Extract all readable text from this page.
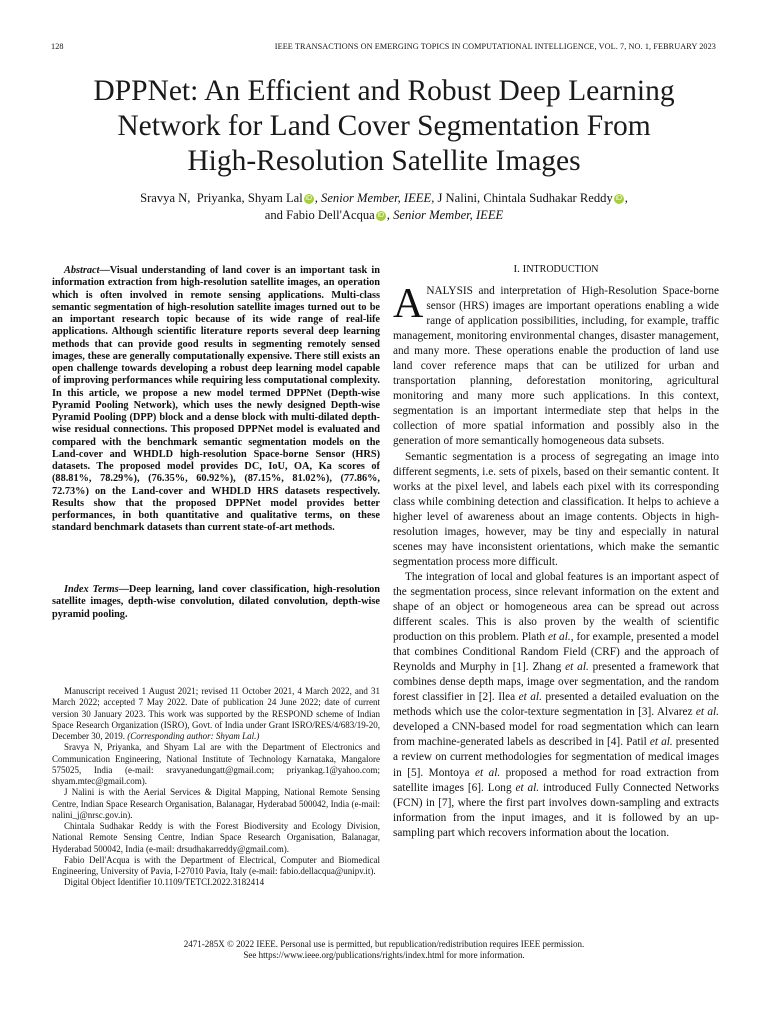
128	IEEE TRANSACTIONS ON EMERGING TOPICS IN COMPUTATIONAL INTELLIGENCE, VOL. 7, NO. 1, FEBRUARY 2023
DPPNet: An Efficient and Robust Deep Learning
Network for Land Cover Segmentation From
High-Resolution Satellite Images
Sravya N, Priyanka, Shyam Lal iD , Senior Member, IEEE, J Nalini, Chintala Sudhakar Reddy iD ,
and Fabio Dell'Acqua iD , Senior Member, IEEE
Abstract—Visual understanding of land cover is an important task in information extraction from high-resolution satellite images, an operation which is often involved in remote sensing applications. Multi-class semantic segmentation of high-resolution satellite images turned out to be an important research topic because of its wide range of real-life applications. Although scientific literature reports several deep learning methods that can provide good results in segmenting remotely sensed images, these are generally computationally expensive. There still exists an open challenge towards developing a robust deep learning model capable of improving performances while requiring less computational complexity. In this article, we propose a new model termed DPPNet (Depth-wise Pyramid Pooling Network), which uses the newly designed Depth-wise Pyramid Pooling (DPP) block and a dense block with multi-dilated depth-wise residual connections. This proposed DPPNet model is evaluated and compared with the benchmark semantic segmentation models on the Land-cover and WHDLD high-resolution Space-borne Sensor (HRS) datasets. The proposed model provides DC, IoU, OA, Ka scores of (88.81%, 78.29%), (76.35%, 60.92%), (87.15%, 81.02%), (77.86%, 72.73%) on the Land-cover and WHDLD HRS datasets respectively. Results show that the proposed DPPNet model provides better performances, in both quantitative and qualitative terms, on these standard benchmark datasets than current state-of-art methods.
Index Terms—Deep learning, land cover classification, high-resolution satellite images, depth-wise convolution, dilated convolution, depth-wise pyramid pooling.

Manuscript received 1 August 2021; revised 11 October 2021, 4 March 2022, and 31 March 2022; accepted 7 May 2022. Date of publication 24 June 2022; date of current version 30 January 2023. This work was supported by the RESPOND scheme of Indian Space Research Organization (ISRO), Govt. of India under Grant ISRO/RES/4/683/19-20, December 30, 2019. (Corresponding author: Shyam Lal.)

Sravya N, Priyanka, and Shyam Lal are with the Department of Electronics and Communication Engineering, National Institute of Technology Karnataka, Mangalore 575025, India (e-mail: sravyanedungatt@gmail.com; priyankag.1@yahoo.com; shyam.mtec@gmail.com).

J Nalini is with the Aerial Services & Digital Mapping, National Remote Sensing Centre, Indian Space Research Organisation, Balanagar, Hyderabad 500042, India (e-mail: nalini_j@nrsc.gov.in).

Chintala Sudhakar Reddy is with the Forest Biodiversity and Ecology Division, National Remote Sensing Centre, Indian Space Research Organisation, Balanagar, Hyderabad 500042, India (e-mail: drsudhakarreddy@gmail.com).

Fabio Dell'Acqua is with the Department of Electrical, Computer and Biomedical Engineering, University of Pavia, I-27010 Pavia, Italy (e-mail: fabio.dellacqua@unipv.it).

Digital Object Identifier 10.1109/TETCI.2022.3182414

I. INTRODUCTION

ANALYSIS and interpretation of High-Resolution Space-borne sensor (HRS) images are important operations enabling a wide range of application possibilities, including, for example, traffic management, monitoring environmental changes, disaster management, and many more. These operations enable the production of land use land cover reference maps that can be utilized for urban and transportation planning, deforestation monitoring, agricultural monitoring and many more such applications. In this context, segmentation is an important intermediate step that helps in the collection of more spatial information and possibly also in the generation of more semantically homogeneous data subsets.

Semantic segmentation is a process of segregating an image into different segments, i.e. sets of pixels, based on their semantic content. It works at the pixel level, and labels each pixel with its corresponding class while combining detection and classification. It helps to achieve a higher level of awareness about an image contents. Objects in high-resolution images, however, may be tiny and especially in natural scenes may have inconsistent orientations, which make the semantic segmentation process more difficult.

The integration of local and global features is an important aspect of the segmentation process, since relevant information on the extent and shape of an object or homogeneous area can be spread out across different scales. This is also proven by the wealth of scientific production on this problem. Plath et al., for example, presented a model that combines Conditional Random Field (CRF) and the approach of Reynolds and Murphy in [1]. Zhang et al. presented a framework that combines dense depth maps, image over segmentation, and the random forest classifier in [2]. Ilea et al. presented a detailed evaluation on the methods which use the color-texture segmentation in [3]. Alvarez et al. developed a CNN-based model for road segmentation which can learn from machine-generated labels as described in [4]. Patil et al. presented a review on current methodologies for segmentation of medical images in [5]. Montoya et al. proposed a method for road extraction from satellite images [6]. Long et al. introduced Fully Connected Networks (FCN) in [7], where the first part involves down-sampling and extracts information from the input images, and it is followed by an up-sampling part which recovers information about the location.

2471-285X © 2022 IEEE. Personal use is permitted, but republication/redistribution requires IEEE permission.
See https://www.ieee.org/publications/rights/index.html for more information.
